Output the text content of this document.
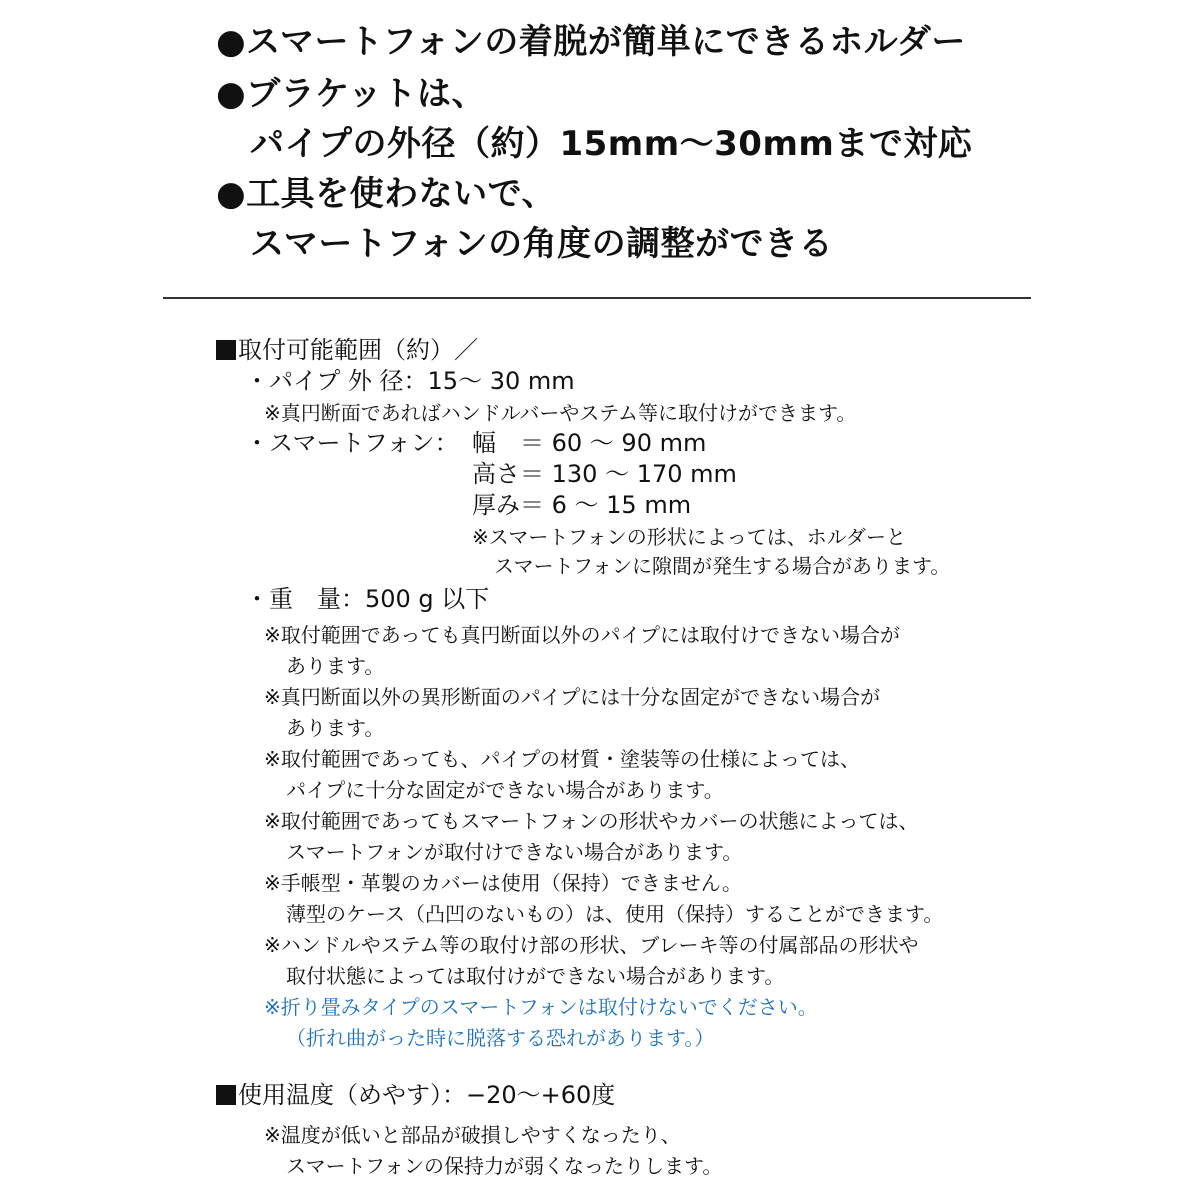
●スマートフォンの着脱が簡単にできるホルダー
●ブラケットは、
パイプの外径（約）15mm～30mmまで対応
●工具を使わないで、
スマートフォンの角度の調整ができる
取付可能範囲（約）／
・パイプ 外 径：15～ 30 mm
※真円断面であればハンドルバーやステム等に取付けができます。
・スマートフォン： 幅　＝ 60 ～ 90 mm
高さ＝ 130 ～ 170 mm
厚み＝ 6 ～ 15 mm
※スマートフォンの形状によっては、ホルダーと
スマートフォンに隙間が発生する場合があります。
・重　量：500 g 以下
※取付範囲であっても真円断面以外のパイプには取付けできない場合が
あります。
※真円断面以外の異形断面のパイプには十分な固定ができない場合が
あります。
※取付範囲であっても、パイプの材質・塗装等の仕様によっては、
パイプに十分な固定ができない場合があります。
※取付範囲であってもスマートフォンの形状やカバーの状態によっては、
スマートフォンが取付けできない場合があります。
※手帳型・革製のカバーは使用（保持）できません。
薄型のケース（凸凹のないもの）は、使用（保持）することができます。
※ハンドルやステム等の取付け部の形状、ブレーキ等の付属部品の形状や
取付状態によっては取付けができない場合があります。
※折り畳みタイプのスマートフォンは取付けないでください。
（折れ曲がった時に脱落する恐れがあります。）
使用温度（めやす）：−20～+60度
※温度が低いと部品が破損しやすくなったり、
スマートフォンの保持力が弱くなったりします。
